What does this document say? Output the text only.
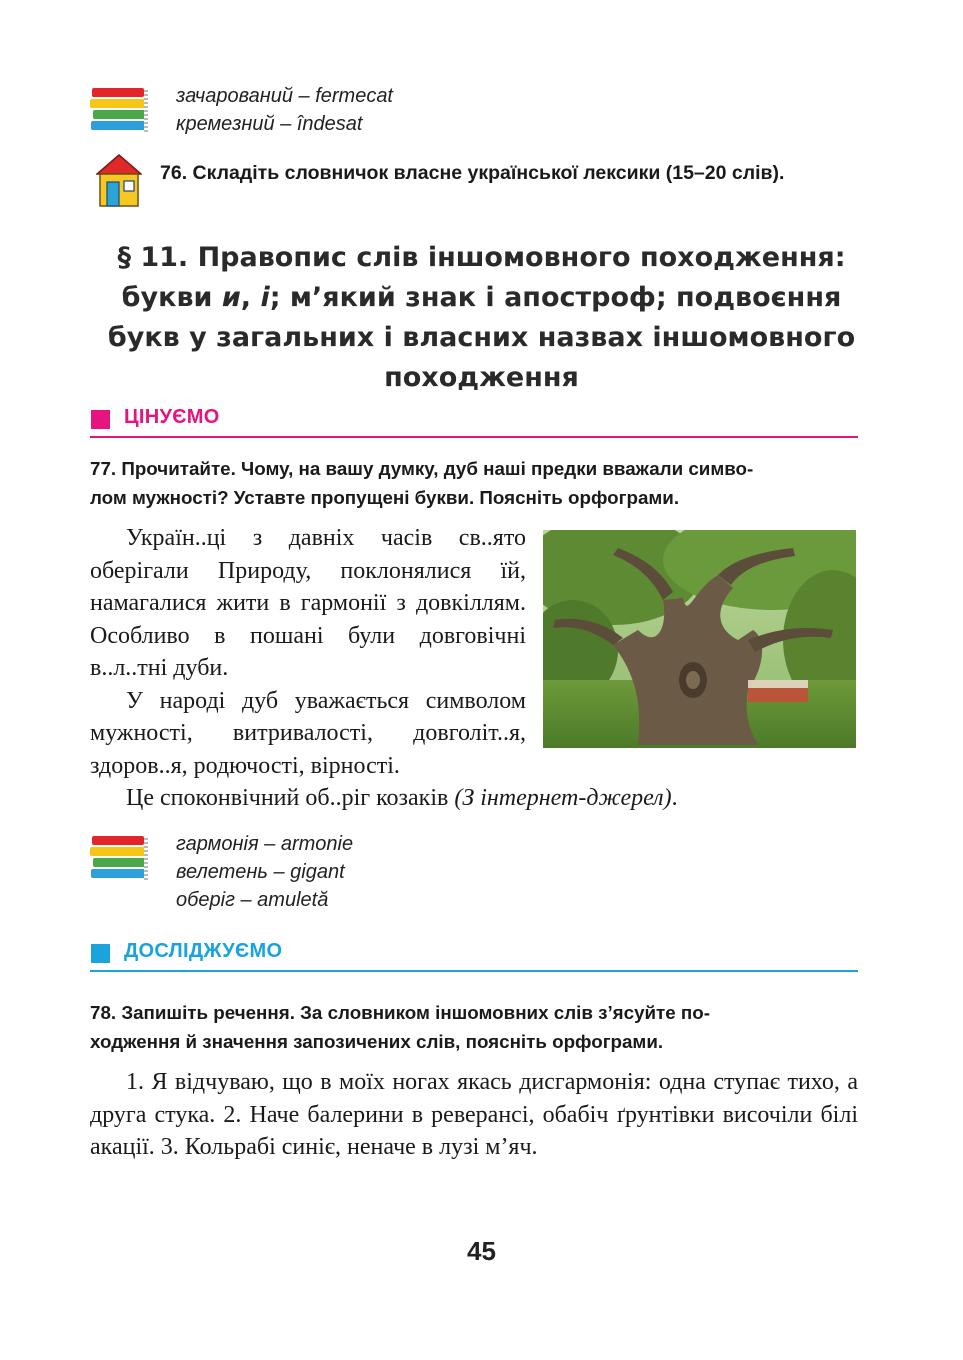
зачарований – fermecat
кремезний – îndesat
76. Складіть словничок власне української лексики (15–20 слів).
§ 11. Правопис слів іншомовного походження:
букви и, і; м’який знак і апостроф; подвоєння
букв у загальних і власних назвах іншомовного
походження
ЦІНУЄМО
77. Прочитайте. Чому, на вашу думку, дуб наші предки вважали симво-
лом мужності? Уставте пропущені букви. Поясніть орфограми.

Україн..ці з давніх часів св..ято оберігали Природу, поклонялися їй, намагалися жити в гармонії з довкіллям. Особливо в пошані були довговічні в..л..тні дуби.

У народі дуб уважається символом мужності, витривалості, довголіт..я, здоров..я, родючості, вірності.

Це споконвічний об..ріг козаків (З інтернет-джерел).

гармонія – armonie
велетень – gigant
оберіг – amuletă
ДОСЛІДЖУЄМО
78. Запишіть речення. За словником іншомовних слів з’ясуйте по-
ходження й значення запозичених слів, поясніть орфограми.

1. Я відчуваю, що в моїх ногах якась дисгармонія: одна ступає тихо, а друга стука. 2. Наче балерини в реверансі, обабіч ґрунтівки височіли білі акації. 3. Кольрабі синіє, неначе в лузі м’яч.

45
